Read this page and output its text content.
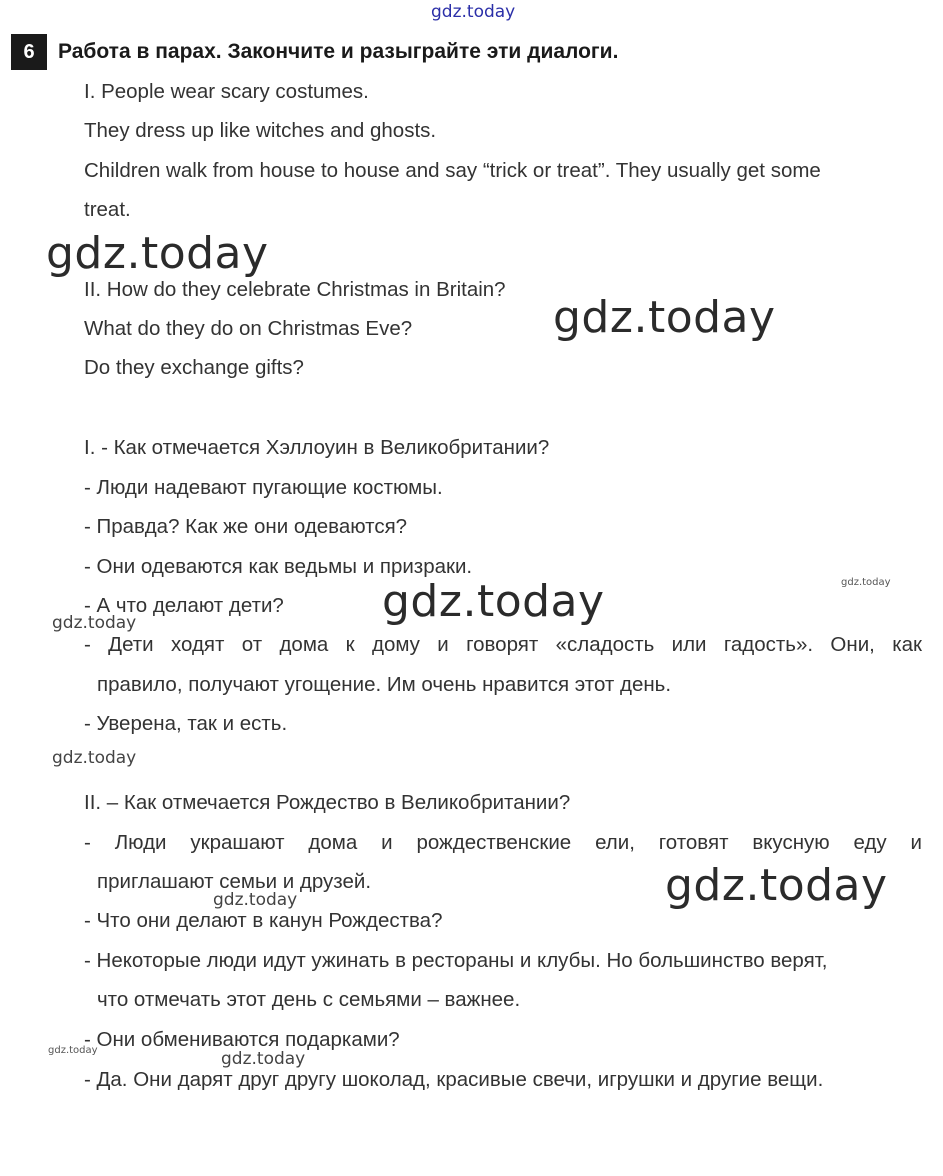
gdz.today
gdz.today
gdz.today
gdz.today	gdz.today
gdz.today
gdz.today
gdz.today
gdz.today
gdz.today	gdz.today
6	Работа в парах. Закончите и разыграйте эти диалоги.
I. People wear scary costumes.
They dress up like witches and ghosts.
Children walk from house to house and say “trick or treat”. They usually get some
treat.
II. How do they celebrate Christmas in Britain?
What do they do on Christmas Eve?
Do they exchange gifts?
I. - Как отмечается Хэллоуин в Великобритании?
- Люди надевают пугающие костюмы.
- Правда? Как же они одеваются?
- Они одеваются как ведьмы и призраки.
- А что делают дети?
- Дети ходят от дома к дому и говорят «сладость или гадость». Они, как
правило, получают угощение. Им очень нравится этот день.
- Уверена, так и есть.
II. – Как отмечается Рождество в Великобритании?
- Люди украшают дома и рождественские ели, готовят вкусную еду и
приглашают семьи и друзей.
- Что они делают в канун Рождества?
- Некоторые люди идут ужинать в рестораны и клубы. Но большинство верят,
что отмечать этот день с семьями – важнее.
- Они обмениваются подарками?
- Да. Они дарят друг другу шоколад, красивые свечи, игрушки и другие вещи.
